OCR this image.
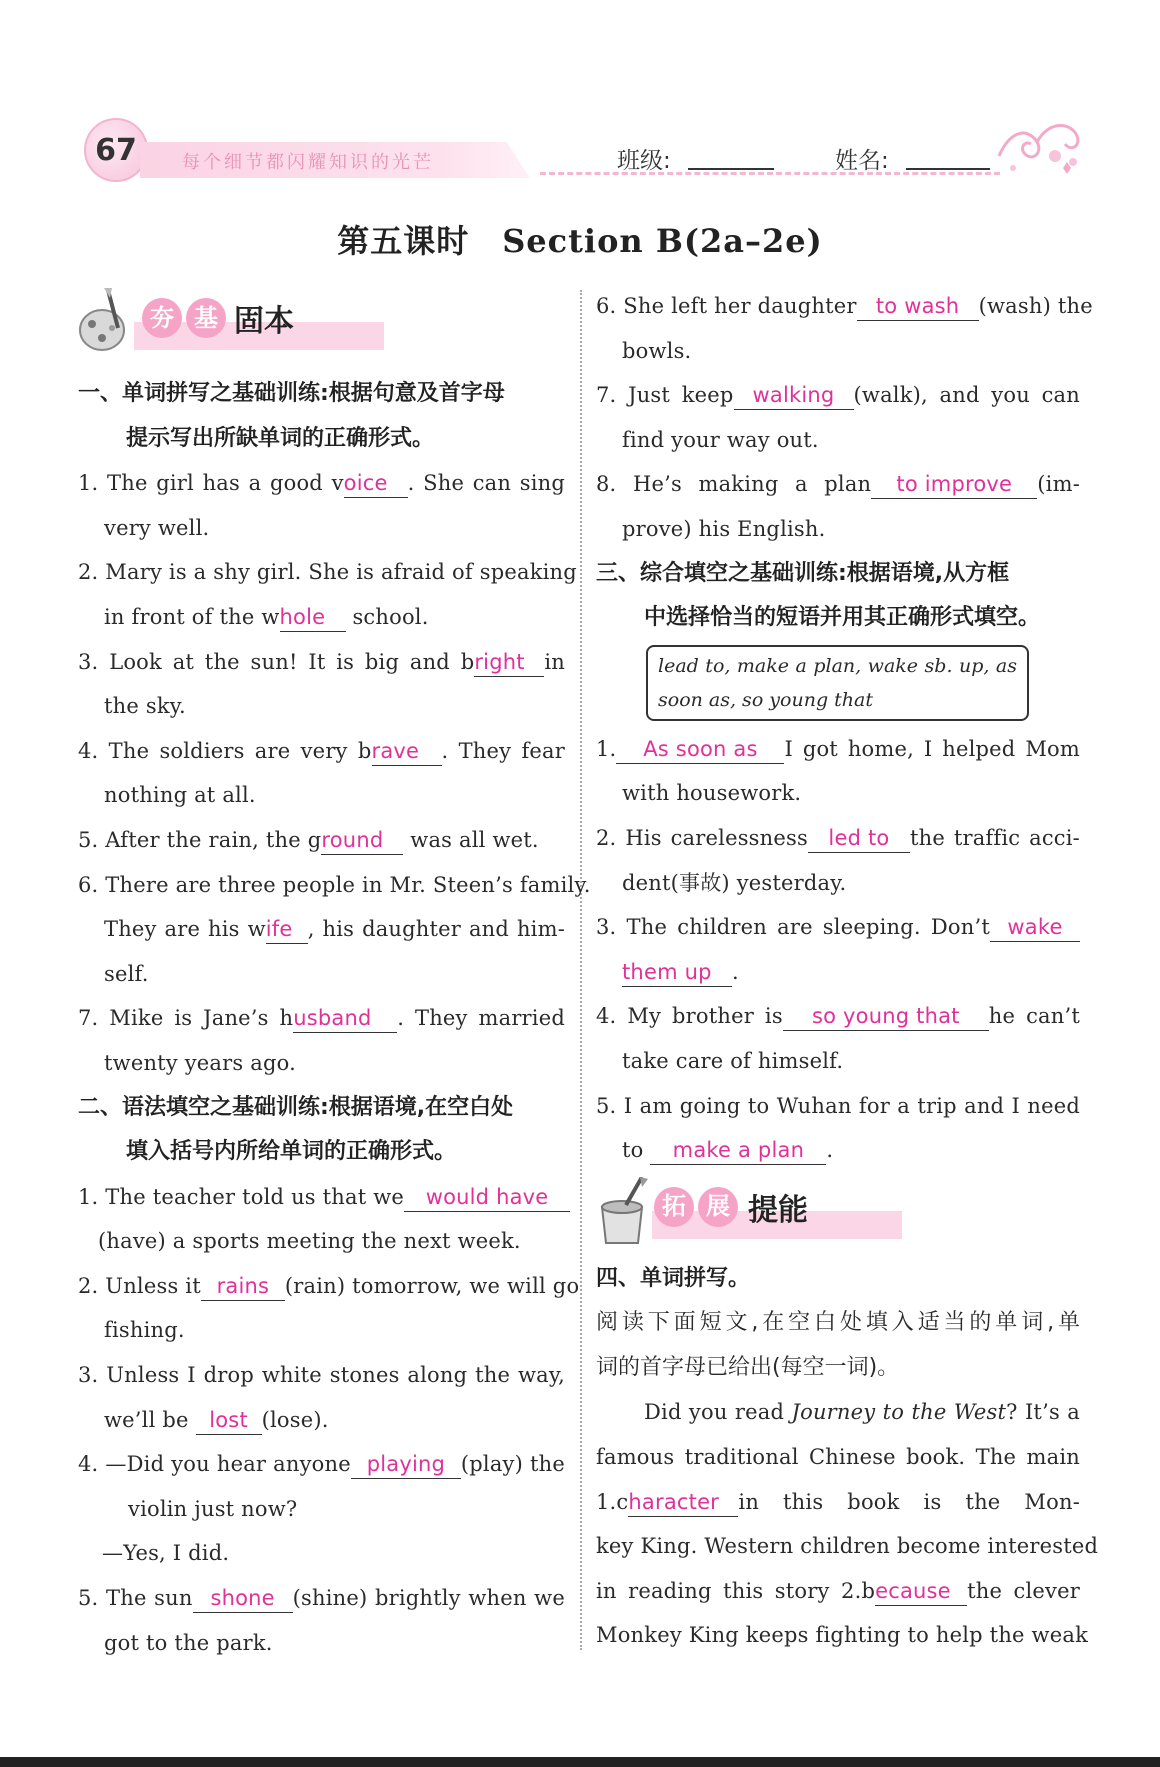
67	每个细节都闪耀知识的光芒	班级:	姓名:
第五课时　Section B(2a–2e)
夯 基 固本
一、单词拼写之基础训练:根据句意及首字母
提示写出所缺单词的正确形式。
1. The girl has a good voice . She can sing
very well.
2. Mary is a shy girl. She is afraid of speaking
in front of the whole school.
3. Look at the sun! It is big and bright in
the sky.
4. The soldiers are very brave . They fear
nothing at all.
5. After the rain, the ground was all wet.
6. There are three people in Mr. Steen’s family.
They are his wife , his daughter and him-
self.
7. Mike is Jane’s husband . They married
twenty years ago.
二、语法填空之基础训练:根据语境,在空白处
填入括号内所给单词的正确形式。
1. The teacher told us that we would have
(have) a sports meeting the next week.
2. Unless it rains (rain) tomorrow, we will go
fishing.
3. Unless I drop white stones along the way,
we’ll be lost (lose).
4. —Did you hear anyone playing (play) the
violin just now?
—Yes, I did.
5. The sun shone (shine) brightly when we
got to the park.
6. She left her daughter to wash (wash) the
bowls.
7. Just keep walking (walk), and you can
find your way out.
8. He’s making a plan to improve (im-
prove) his English.
三、综合填空之基础训练:根据语境,从方框
中选择恰当的短语并用其正确形式填空。
lead to, make a plan, wake sb. up, as
soon as, so young that
1. As soon as I got home, I helped Mom
with housework.
2. His carelessness led to the traffic acci-
dent(事故) yesterday.
3. The children are sleeping. Don’t wake
them up .
4. My brother is so young that he can’t
take care of himself.
5. I am going to Wuhan for a trip and I need
to make a plan .
拓 展 提能
四、单词拼写。
阅读下面短文,在空白处填入适当的单词,单
词的首字母已给出(每空一词)。
Did you read Journey to the West? It’s a
famous traditional Chinese book. The main
1.character in this book is the Mon-
key King. Western children become interested
in reading this story 2.because the clever
Monkey King keeps fighting to help the weak
